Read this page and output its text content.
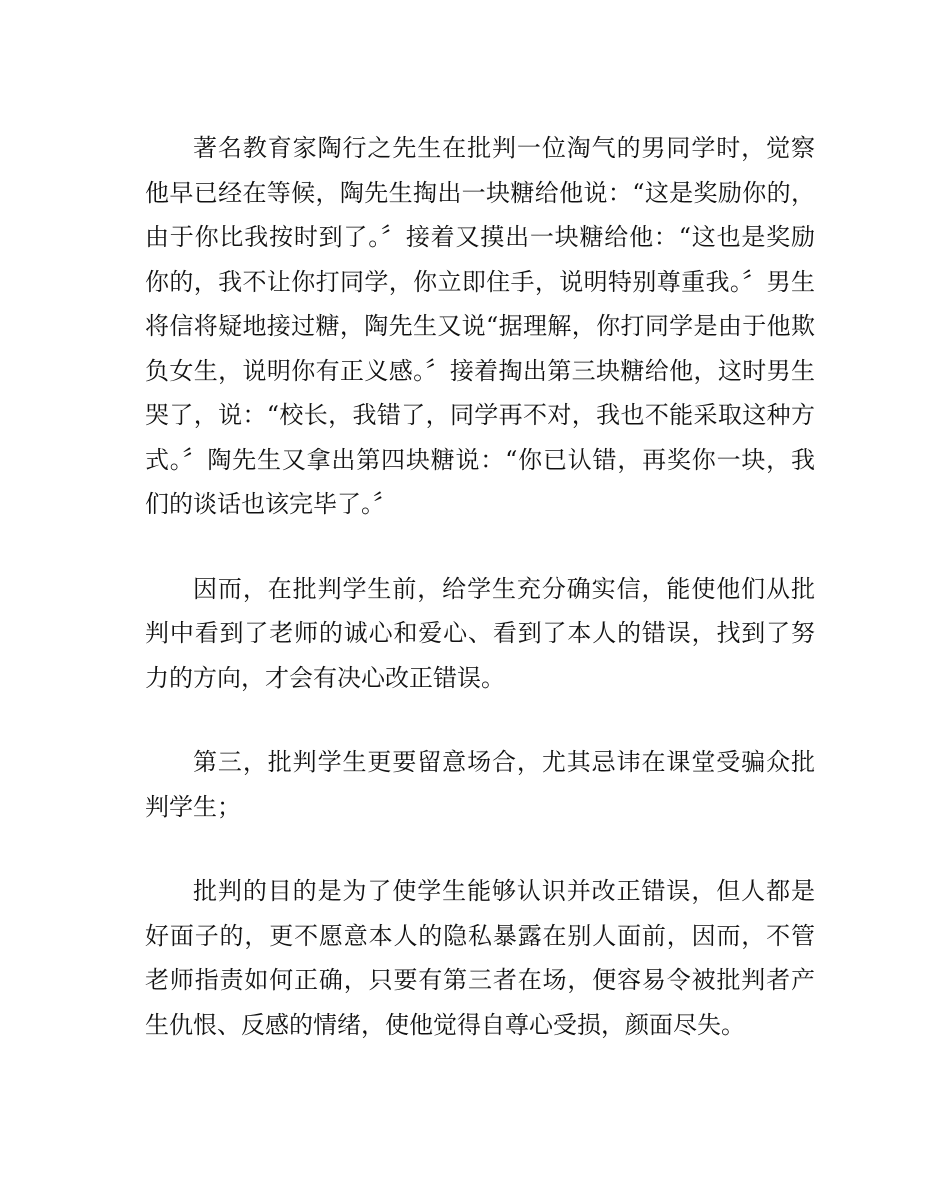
著名教育家陶行之先生在批判一位淘气的男同学时，觉察他早已经在等候，陶先生掏出一块糖给他说：“这是奖励你的，由于你比我按时到了。〞接着又摸出一块糖给他：“这也是奖励你的，我不让你打同学，你立即住手，说明特别尊重我。〞男生将信将疑地接过糖，陶先生又说“据理解，你打同学是由于他欺负女生，说明你有正义感。〞接着掏出第三块糖给他，这时男生哭了，说：“校长，我错了，同学再不对，我也不能采取这种方式。〞陶先生又拿出第四块糖说：“你已认错，再奖你一块，我们的谈话也该完毕了。〞

因而，在批判学生前，给学生充分确实信，能使他们从批判中看到了老师的诚心和爱心、看到了本人的错误，找到了努力的方向，才会有决心改正错误。

第三，批判学生更要留意场合，尤其忌讳在课堂受骗众批判学生；

批判的目的是为了使学生能够认识并改正错误，但人都是好面子的，更不愿意本人的隐私暴露在别人面前，因而，不管老师指责如何正确，只要有第三者在场，便容易令被批判者产生仇恨、反感的情绪，使他觉得自尊心受损，颜面尽失。
